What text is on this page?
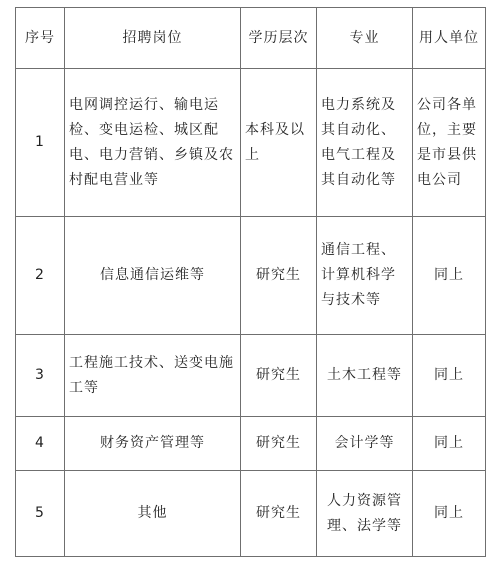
序号	招聘岗位	学历层次	专业	用人单位
1	电网调控运行、输电运检、变电运检、城区配电、电力营销、乡镇及农村配电营业等	本科及以上	电力系统及其自动化、电气工程及其自动化等	公司各单位，主要是市县供电公司
2	信息通信运维等	研究生	通信工程、计算机科学与技术等	同上
3	工程施工技术、送变电施工等	研究生	土木工程等	同上
4	财务资产管理等	研究生	会计学等	同上
5	其他	研究生	人力资源管理、法学等	同上
